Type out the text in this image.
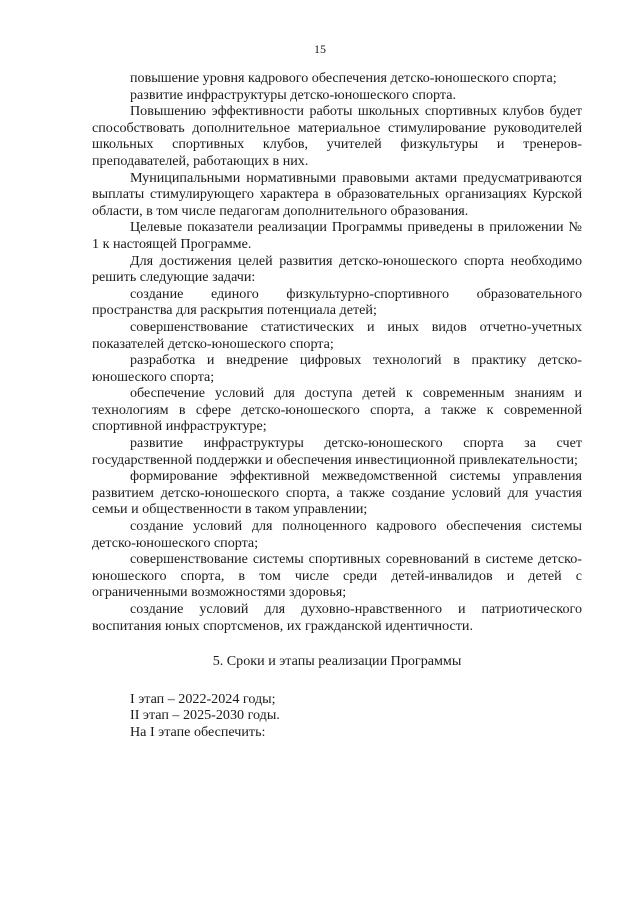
15

повышение уровня кадрового обеспечения детско-юношеского спорта;

развитие инфраструктуры детско-юношеского спорта.

Повышению эффективности работы школьных спортивных клубов будет способствовать дополнительное материальное стимулирование руководителей школьных спортивных клубов, учителей физкультуры и тренеров-преподавателей, работающих в них.

Муниципальными нормативными правовыми актами предусматриваются выплаты стимулирующего характера в образовательных организациях Курской области, в том числе педагогам дополнительного образования.

Целевые показатели реализации Программы приведены в приложении № 1 к настоящей Программе.

Для достижения целей развития детско-юношеского спорта необходимо решить следующие задачи:

создание единого физкультурно-спортивного образовательного пространства для раскрытия потенциала детей;

совершенствование статистических и иных видов отчетно-учетных показателей детско-юношеского спорта;

разработка и внедрение цифровых технологий в практику детско-юношеского спорта;

обеспечение условий для доступа детей к современным знаниям и технологиям в сфере детско-юношеского спорта, а также к современной спортивной инфраструктуре;

развитие инфраструктуры детско-юношеского спорта за счет государственной поддержки и обеспечения инвестиционной привлекательности;

формирование эффективной межведомственной системы управления развитием детско-юношеского спорта, а также создание условий для участия семьи и общественности в таком управлении;

создание условий для полноценного кадрового обеспечения системы детско-юношеского спорта;

совершенствование системы спортивных соревнований в системе детско-юношеского спорта, в том числе среди детей-инвалидов и детей с ограниченными возможностями здоровья;

создание условий для духовно-нравственного и патриотического воспитания юных спортсменов, их гражданской идентичности.

5. Сроки и этапы реализации Программы

I этап – 2022-2024 годы;

II этап – 2025-2030 годы.

На I этапе обеспечить:
